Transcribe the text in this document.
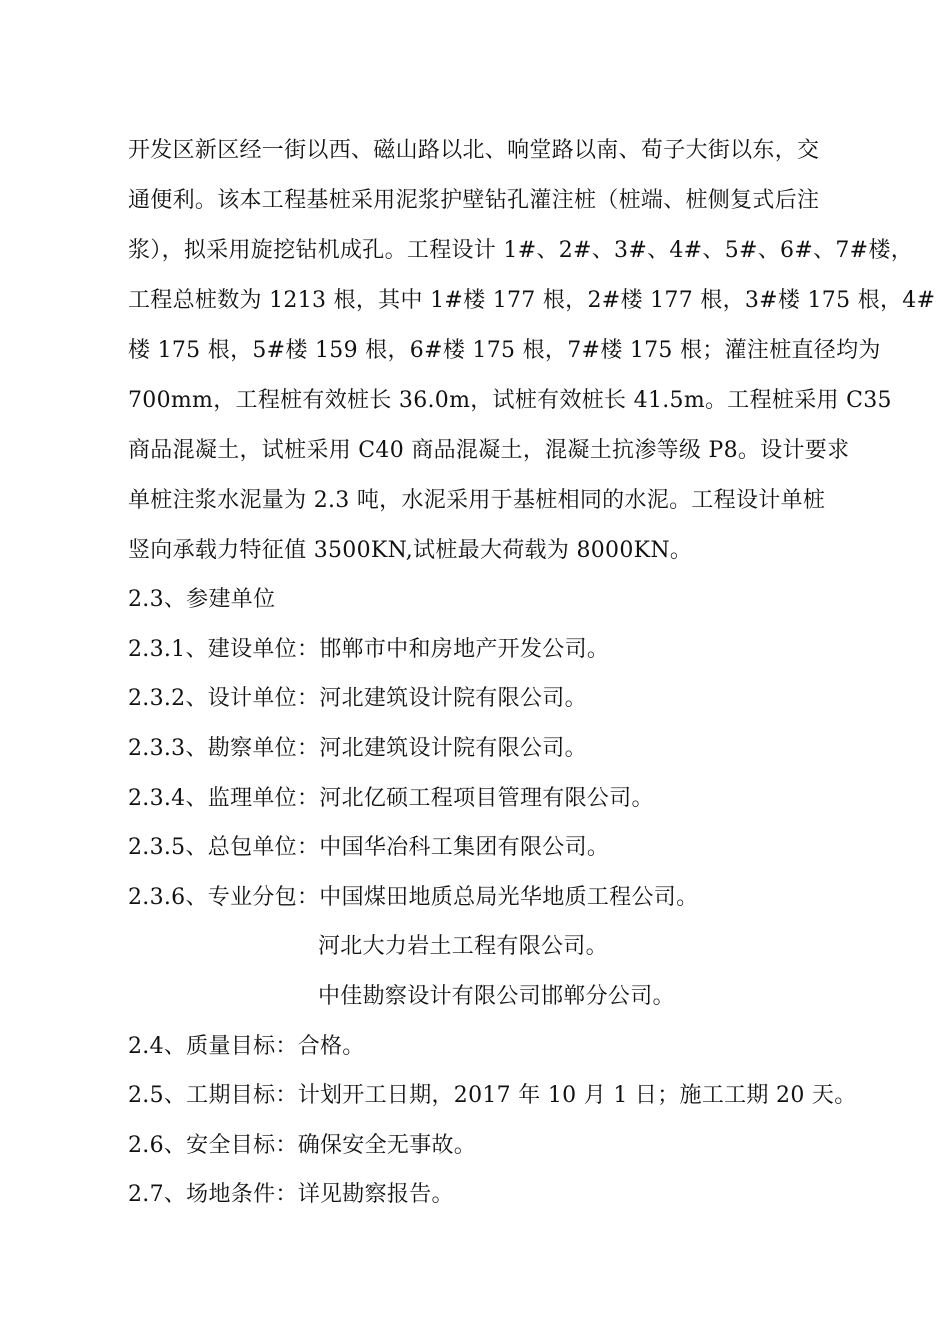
开发区新区经一街以西、磁山路以北、响堂路以南、荀子大街以东，交
通便利。该本工程基桩采用泥浆护壁钻孔灌注桩（桩端、桩侧复式后注
浆），拟采用旋挖钻机成孔。工程设计 1#、2#、3#、4#、5#、6#、7#楼，
工程总桩数为 1213 根，其中 1#楼 177 根，2#楼 177 根，3#楼 175 根，4#
楼 175 根，5#楼 159 根，6#楼 175 根，7#楼 175 根；灌注桩直径均为
700mm，工程桩有效桩长 36.0m，试桩有效桩长 41.5m。工程桩采用 C35
商品混凝土，试桩采用 C40 商品混凝土，混凝土抗渗等级 P8。设计要求
单桩注浆水泥量为 2.3 吨，水泥采用于基桩相同的水泥。工程设计单桩
竖向承载力特征值 3500KN,试桩最大荷载为 8000KN。
2.3、参建单位
2.3.1、建设单位：邯郸市中和房地产开发公司。
2.3.2、设计单位：河北建筑设计院有限公司。
2.3.3、勘察单位：河北建筑设计院有限公司。
2.3.4、监理单位：河北亿硕工程项目管理有限公司。
2.3.5、总包单位：中国华冶科工集团有限公司。
2.3.6、专业分包：中国煤田地质总局光华地质工程公司。
河北大力岩土工程有限公司。
中佳勘察设计有限公司邯郸分公司。
2.4、质量目标：合格。
2.5、工期目标：计划开工日期，2017 年 10 月 1 日；施工工期 20 天。
2.6、安全目标：确保安全无事故。
2.7、场地条件：详见勘察报告。
